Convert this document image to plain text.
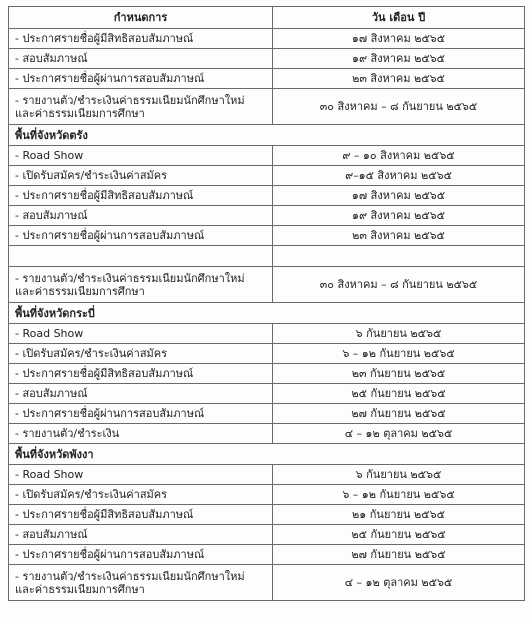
กำหนดการ	วัน เดือน ปี
- ประกาศรายชื่อผู้มีสิทธิสอบสัมภาษณ์	๑๗ สิงหาคม ๒๕๖๕
- สอบสัมภาษณ์	๑๙ สิงหาคม ๒๕๖๕
- ประกาศรายชื่อผู้ผ่านการสอบสัมภาษณ์	๒๓ สิงหาคม ๒๕๖๕
- รายงานตัว/ชำระเงินค่าธรรมเนียมนักศึกษาใหม่
และค่าธรรมเนียมการศึกษา	๓๐ สิงหาคม – ๘ กันยายน ๒๕๖๕
พื้นที่จังหวัดตรัง	
- Road Show	๙ – ๑๐ สิงหาคม ๒๕๖๕
- เปิดรับสมัคร/ชำระเงินค่าสมัคร	๙–๑๕ สิงหาคม ๒๕๖๕
- ประกาศรายชื่อผู้มีสิทธิสอบสัมภาษณ์	๑๗ สิงหาคม ๒๕๖๕
- สอบสัมภาษณ์	๑๙ สิงหาคม ๒๕๖๕
- ประกาศรายชื่อผู้ผ่านการสอบสัมภาษณ์	๒๓ สิงหาคม ๒๕๖๕

- รายงานตัว/ชำระเงินค่าธรรมเนียมนักศึกษาใหม่
และค่าธรรมเนียมการศึกษา	๓๐ สิงหาคม – ๘ กันยายน ๒๕๖๕
พื้นที่จังหวัดกระบี่	
- Road Show	๖ กันยายน ๒๕๖๕
- เปิดรับสมัคร/ชำระเงินค่าสมัคร	๖ – ๑๒ กันยายน ๒๕๖๕
- ประกาศรายชื่อผู้มีสิทธิสอบสัมภาษณ์	๒๓ กันยายน ๒๕๖๕
- สอบสัมภาษณ์	๒๕ กันยายน ๒๕๖๕
- ประกาศรายชื่อผู้ผ่านการสอบสัมภาษณ์	๒๗ กันยายน ๒๕๖๕
- รายงานตัว/ชำระเงิน	๔ – ๑๒ ตุลาคม ๒๕๖๕
พื้นที่จังหวัดพังงา	
- Road Show	๖ กันยายน ๒๕๖๕
- เปิดรับสมัคร/ชำระเงินค่าสมัคร	๖ – ๑๒ กันยายน ๒๕๖๕
- ประกาศรายชื่อผู้มีสิทธิสอบสัมภาษณ์	๒๑ กันยายน ๒๕๖๕
- สอบสัมภาษณ์	๒๕ กันยายน ๒๕๖๕
- ประกาศรายชื่อผู้ผ่านการสอบสัมภาษณ์	๒๗ กันยายน ๒๕๖๕
- รายงานตัว/ชำระเงินค่าธรรมเนียมนักศึกษาใหม่
และค่าธรรมเนียมการศึกษา	๔ – ๑๒ ตุลาคม ๒๕๖๕
